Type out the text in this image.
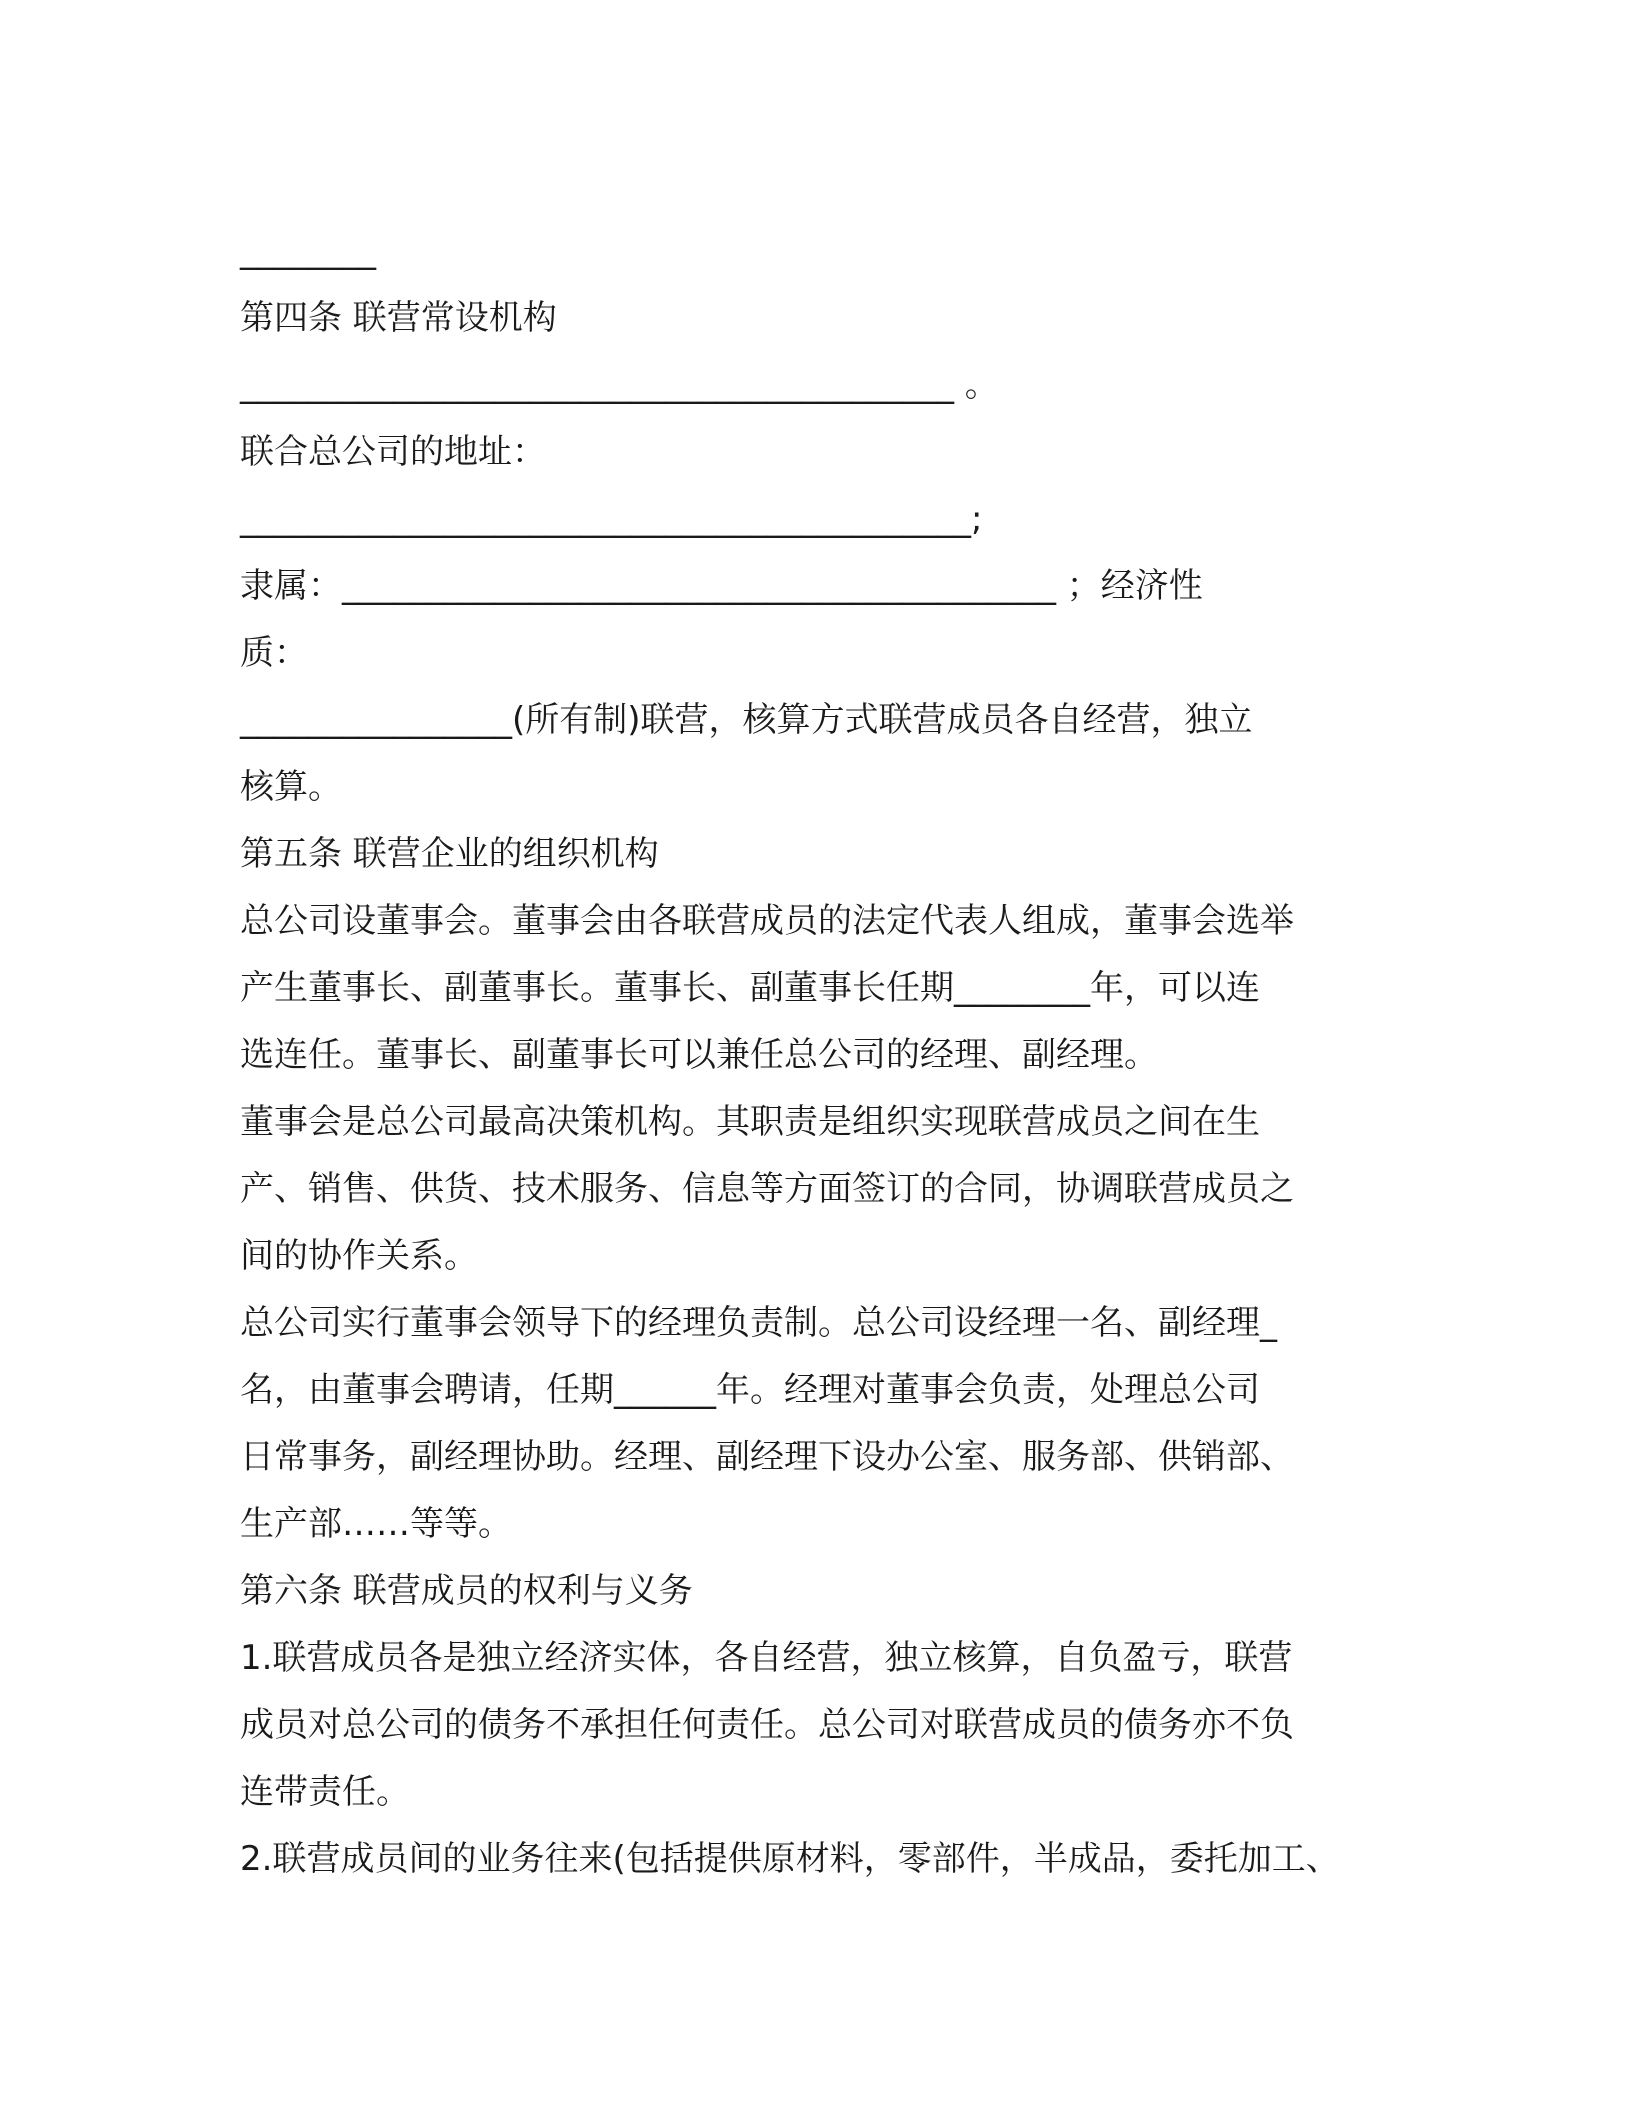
________
第四条 联营常设机构
__________________________________________ 。
联合总公司的地址：
___________________________________________;
隶属：__________________________________________ ；经济性
质：
________________(所有制)联营，核算方式联营成员各自经营，独立
核算。
第五条 联营企业的组织机构
总公司设董事会。董事会由各联营成员的法定代表人组成，董事会选举
产生董事长、副董事长。董事长、副董事长任期________年，可以连
选连任。董事长、副董事长可以兼任总公司的经理、副经理。
董事会是总公司最高决策机构。其职责是组织实现联营成员之间在生
产、销售、供货、技术服务、信息等方面签订的合同，协调联营成员之
间的协作关系。
总公司实行董事会领导下的经理负责制。总公司设经理一名、副经理_
名，由董事会聘请，任期______年。经理对董事会负责，处理总公司
日常事务，副经理协助。经理、副经理下设办公室、服务部、供销部、
生产部……等等。
第六条 联营成员的权利与义务
1.联营成员各是独立经济实体，各自经营，独立核算，自负盈亏，联营
成员对总公司的债务不承担任何责任。总公司对联营成员的债务亦不负
连带责任。
2.联营成员间的业务往来(包括提供原材料，零部件，半成品，委托加工、
